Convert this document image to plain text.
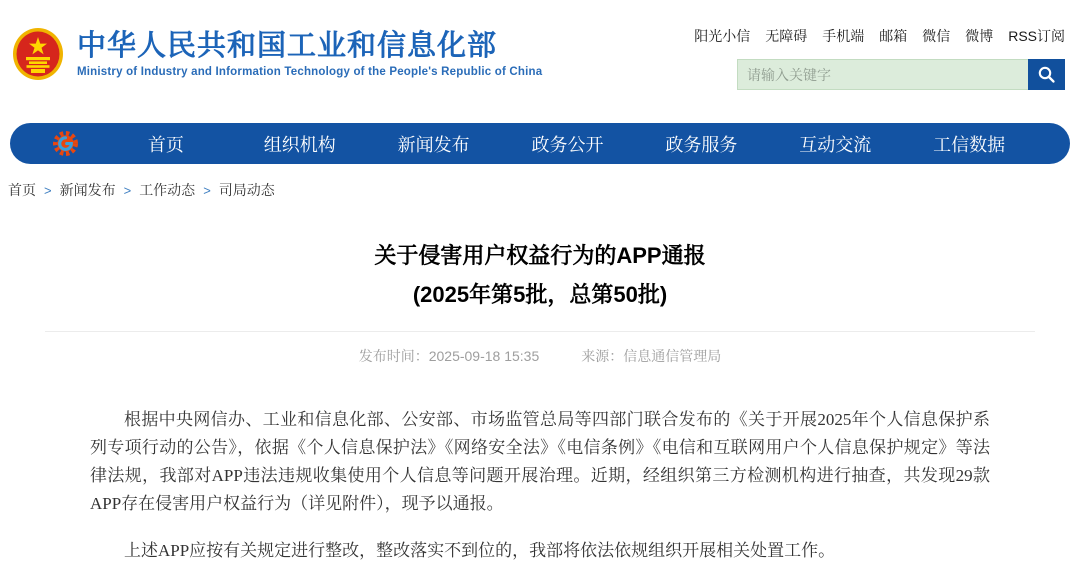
中华人民共和国工业和信息化部
Ministry of Industry and Information Technology of the People's Republic of China
阳光小信 无障碍 手机端 邮箱 微信 微博 RSS订阅
请输入关键字
首页	组织机构	新闻发布	政务公开	政务服务	互动交流	工信数据
首页 > 新闻发布 > 工作动态 > 司局动态
关于侵害用户权益行为的APP通报
(2025年第5批，总第50批)
发布时间：2025-09-18 15:35	来源：信息通信管理局

根据中央网信办、工业和信息化部、公安部、市场监管总局等四部门联合发布的《关于开展2025年个人信息保护系列专项行动的公告》，依据《个人信息保护法》《网络安全法》《电信条例》《电信和互联网用户个人信息保护规定》等法律法规，我部对APP违法违规收集使用个人信息等问题开展治理。近期，经组织第三方检测机构进行抽查，共发现29款APP存在侵害用户权益行为（详见附件），现予以通报。

上述APP应按有关规定进行整改，整改落实不到位的，我部将依法依规组织开展相关处置工作。
